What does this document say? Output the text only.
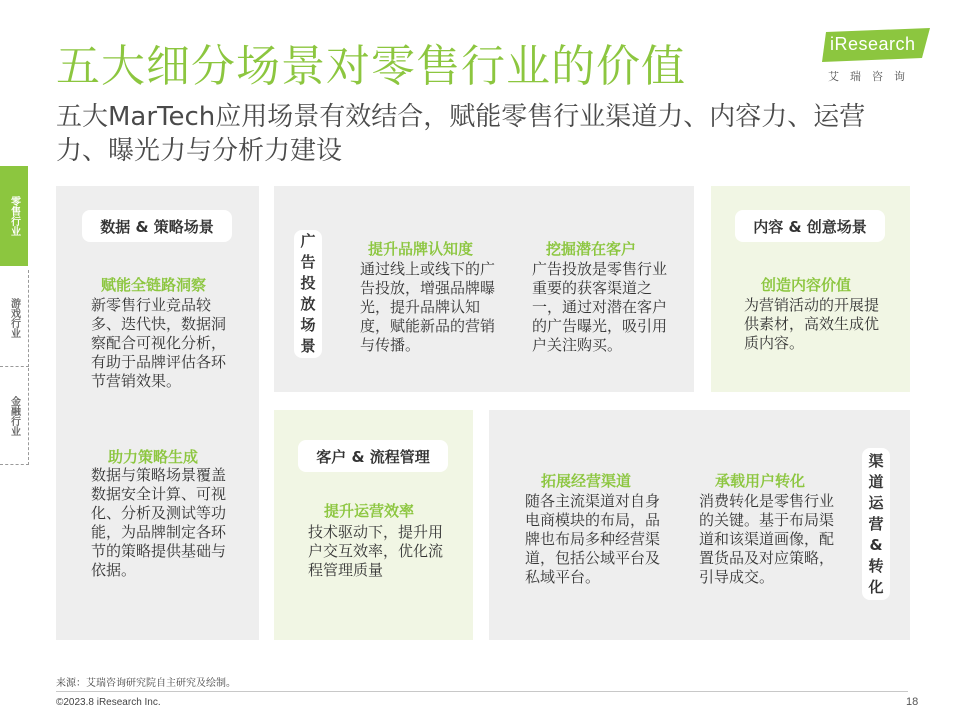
五大细分场景对零售行业的价值
五大MarTech应用场景有效结合，赋能零售行业渠道力、内容力、运营力、曝光力与分析力建设
iResearch
艾瑞咨询
零售行业
游戏行业
金融行业
数据 & 策略场景
赋能全链路洞察
新零售行业竞品较多、迭代快，数据洞察配合可视化分析，有助于品牌评估各环节营销效果。
助力策略生成
数据与策略场景覆盖数据安全计算、可视化、分析及测试等功能，为品牌制定各环节的策略提供基础与依据。
广
告
投
放
场
景
提升品牌认知度
通过线上或线下的广告投放，增强品牌曝光，提升品牌认知度，赋能新品的营销与传播。
挖掘潜在客户
广告投放是零售行业重要的获客渠道之一，通过对潜在客户的广告曝光，吸引用户关注购买。
内容 & 创意场景
创造内容价值
为营销活动的开展提供素材，高效生成优质内容。
客户 & 流程管理
提升运营效率
技术驱动下，提升用户交互效率，优化流程管理质量
拓展经营渠道
随各主流渠道对自身电商模块的布局，品牌也布局多种经营渠道，包括公域平台及私域平台。
承载用户转化
消费转化是零售行业的关键。基于布局渠道和该渠道画像，配置货品及对应策略，引导成交。
渠
道
运
营
&
转
化
来源：艾瑞咨询研究院自主研究及绘制。
©2023.8 iResearch Inc.	18
